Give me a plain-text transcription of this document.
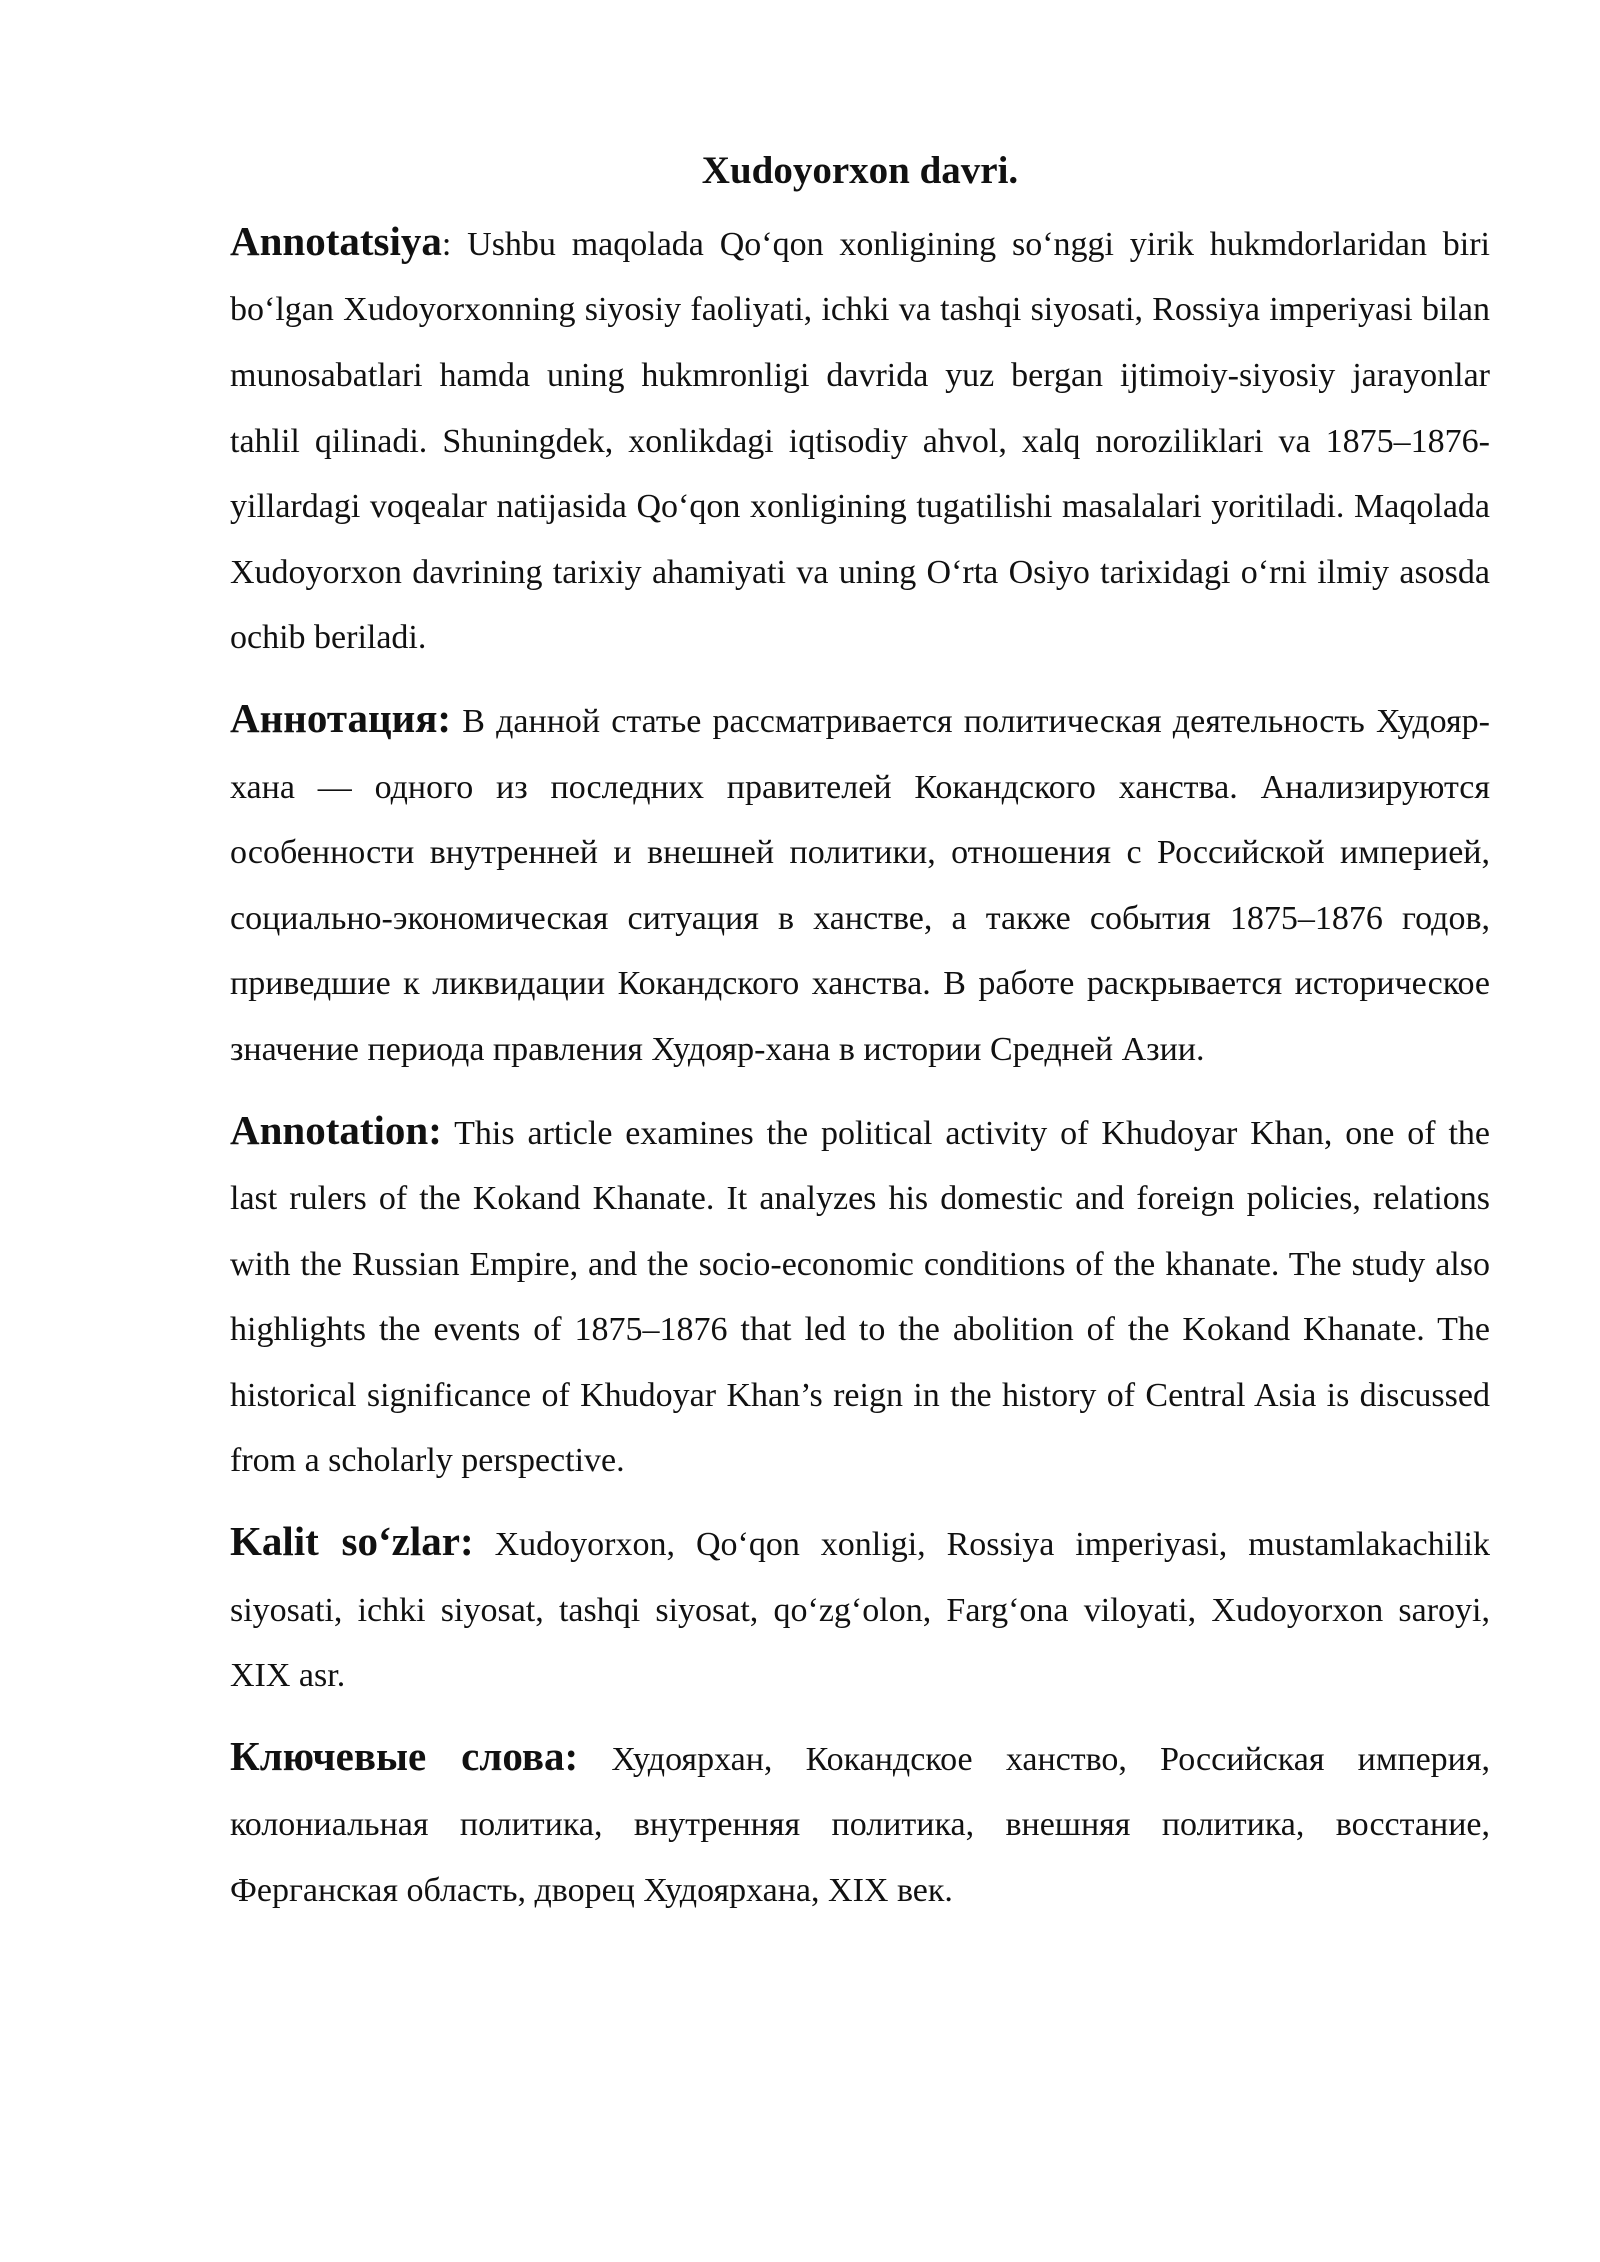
Xudoyorxon davri.

Annotatsiya: Ushbu maqolada Qo‘qon xonligining so‘nggi yirik hukmdorlaridan biri bo‘lgan Xudoyorxonning siyosiy faoliyati, ichki va tashqi siyosati, Rossiya imperiyasi bilan munosabatlari hamda uning hukmronligi davrida yuz bergan ijtimoiy-siyosiy jarayonlar tahlil qilinadi. Shuningdek, xonlikdagi iqtisodiy ahvol, xalq noroziliklari va 1875–1876-yillardagi voqealar natijasida Qo‘qon xonligining tugatilishi masalalari yoritiladi. Maqolada Xudoyorxon davrining tarixiy ahamiyati va uning O‘rta Osiyo tarixidagi o‘rni ilmiy asosda ochib beriladi.

Аннотация: В данной статье рассматривается политическая деятельность Худояр-хана — одного из последних правителей Кокандского ханства. Анализируются особенности внутренней и внешней политики, отношения с Российской империей, социально-экономическая ситуация в ханстве, а также события 1875–1876 годов, приведшие к ликвидации Кокандского ханства. В работе раскрывается историческое значение периода правления Худояр-хана в истории Средней Азии.

Annotation: This article examines the political activity of Khudoyar Khan, one of the last rulers of the Kokand Khanate. It analyzes his domestic and foreign policies, relations with the Russian Empire, and the socio-economic conditions of the khanate. The study also highlights the events of 1875–1876 that led to the abolition of the Kokand Khanate. The historical significance of Khudoyar Khan’s reign in the history of Central Asia is discussed from a scholarly perspective.

Kalit so‘zlar: Xudoyorxon, Qo‘qon xonligi, Rossiya imperiyasi, mustamlakachilik siyosati, ichki siyosat, tashqi siyosat, qo‘zg‘olon, Farg‘ona viloyati, Xudoyorxon saroyi, XIX asr.

Ключевые слова: Худоярхан, Кокандское ханство, Российская империя, колониальная политика, внутренняя политика, внешняя политика, восстание, Ферганская область, дворец Худоярхана, XIX век.
